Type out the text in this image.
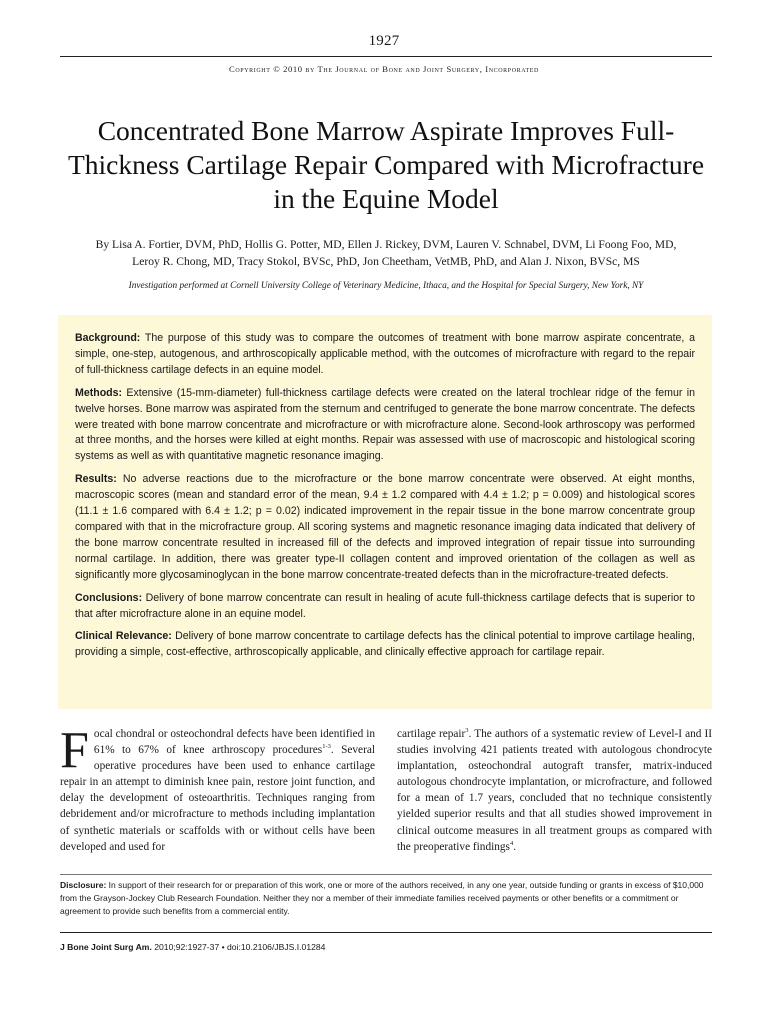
1927
Copyright © 2010 by The Journal of Bone and Joint Surgery, Incorporated
Concentrated Bone Marrow Aspirate Improves Full-Thickness Cartilage Repair Compared with Microfracture in the Equine Model
By Lisa A. Fortier, DVM, PhD, Hollis G. Potter, MD, Ellen J. Rickey, DVM, Lauren V. Schnabel, DVM, Li Foong Foo, MD,
Leroy R. Chong, MD, Tracy Stokol, BVSc, PhD, Jon Cheetham, VetMB, PhD, and Alan J. Nixon, BVSc, MS
Investigation performed at Cornell University College of Veterinary Medicine, Ithaca, and the Hospital for Special Surgery, New York, NY

Background: The purpose of this study was to compare the outcomes of treatment with bone marrow aspirate concentrate, a simple, one-step, autogenous, and arthroscopically applicable method, with the outcomes of microfracture with regard to the repair of full-thickness cartilage defects in an equine model.

Methods: Extensive (15-mm-diameter) full-thickness cartilage defects were created on the lateral trochlear ridge of the femur in twelve horses. Bone marrow was aspirated from the sternum and centrifuged to generate the bone marrow concentrate. The defects were treated with bone marrow concentrate and microfracture or with microfracture alone. Second-look arthroscopy was performed at three months, and the horses were killed at eight months. Repair was assessed with use of macroscopic and histological scoring systems as well as with quantitative magnetic resonance imaging.

Results: No adverse reactions due to the microfracture or the bone marrow concentrate were observed. At eight months, macroscopic scores (mean and standard error of the mean, 9.4 ± 1.2 compared with 4.4 ± 1.2; p = 0.009) and histological scores (11.1 ± 1.6 compared with 6.4 ± 1.2; p = 0.02) indicated improvement in the repair tissue in the bone marrow concentrate group compared with that in the microfracture group. All scoring systems and magnetic resonance imaging data indicated that delivery of the bone marrow concentrate resulted in increased fill of the defects and improved integration of repair tissue into surrounding normal cartilage. In addition, there was greater type-II collagen content and improved orientation of the collagen as well as significantly more glycosaminoglycan in the bone marrow concentrate-treated defects than in the microfracture-treated defects.

Conclusions: Delivery of bone marrow concentrate can result in healing of acute full-thickness cartilage defects that is superior to that after microfracture alone in an equine model.

Clinical Relevance: Delivery of bone marrow concentrate to cartilage defects has the clinical potential to improve cartilage healing, providing a simple, cost-effective, arthroscopically applicable, and clinically effective approach for cartilage repair.

Focal chondral or osteochondral defects have been identified in 61% to 67% of knee arthroscopy procedures$^{1-3}$. Several operative procedures have been used to enhance cartilage repair in an attempt to diminish knee pain, restore joint function, and delay the development of osteoarthritis. Techniques ranging from debridement and/or microfracture to methods including implantation of synthetic materials or scaffolds with or without cells have been developed and used for
cartilage repair$^3$. The authors of a systematic review of Level-I and II studies involving 421 patients treated with autologous chondrocyte implantation, osteochondral autograft transfer, matrix-induced autologous chondrocyte implantation, or microfracture, and followed for a mean of 1.7 years, concluded that no technique consistently yielded superior results and that all studies showed improvement in clinical outcome measures in all treatment groups as compared with the preoperative findings$^4$.
Disclosure: In support of their research for or preparation of this work, one or more of the authors received, in any one year, outside funding or grants in excess of $10,000 from the Grayson-Jockey Club Research Foundation. Neither they nor a member of their immediate families received payments or other benefits or a commitment or agreement to provide such benefits from a commercial entity.
J Bone Joint Surg Am. 2010;92:1927-37 • doi:10.2106/JBJS.I.01284
